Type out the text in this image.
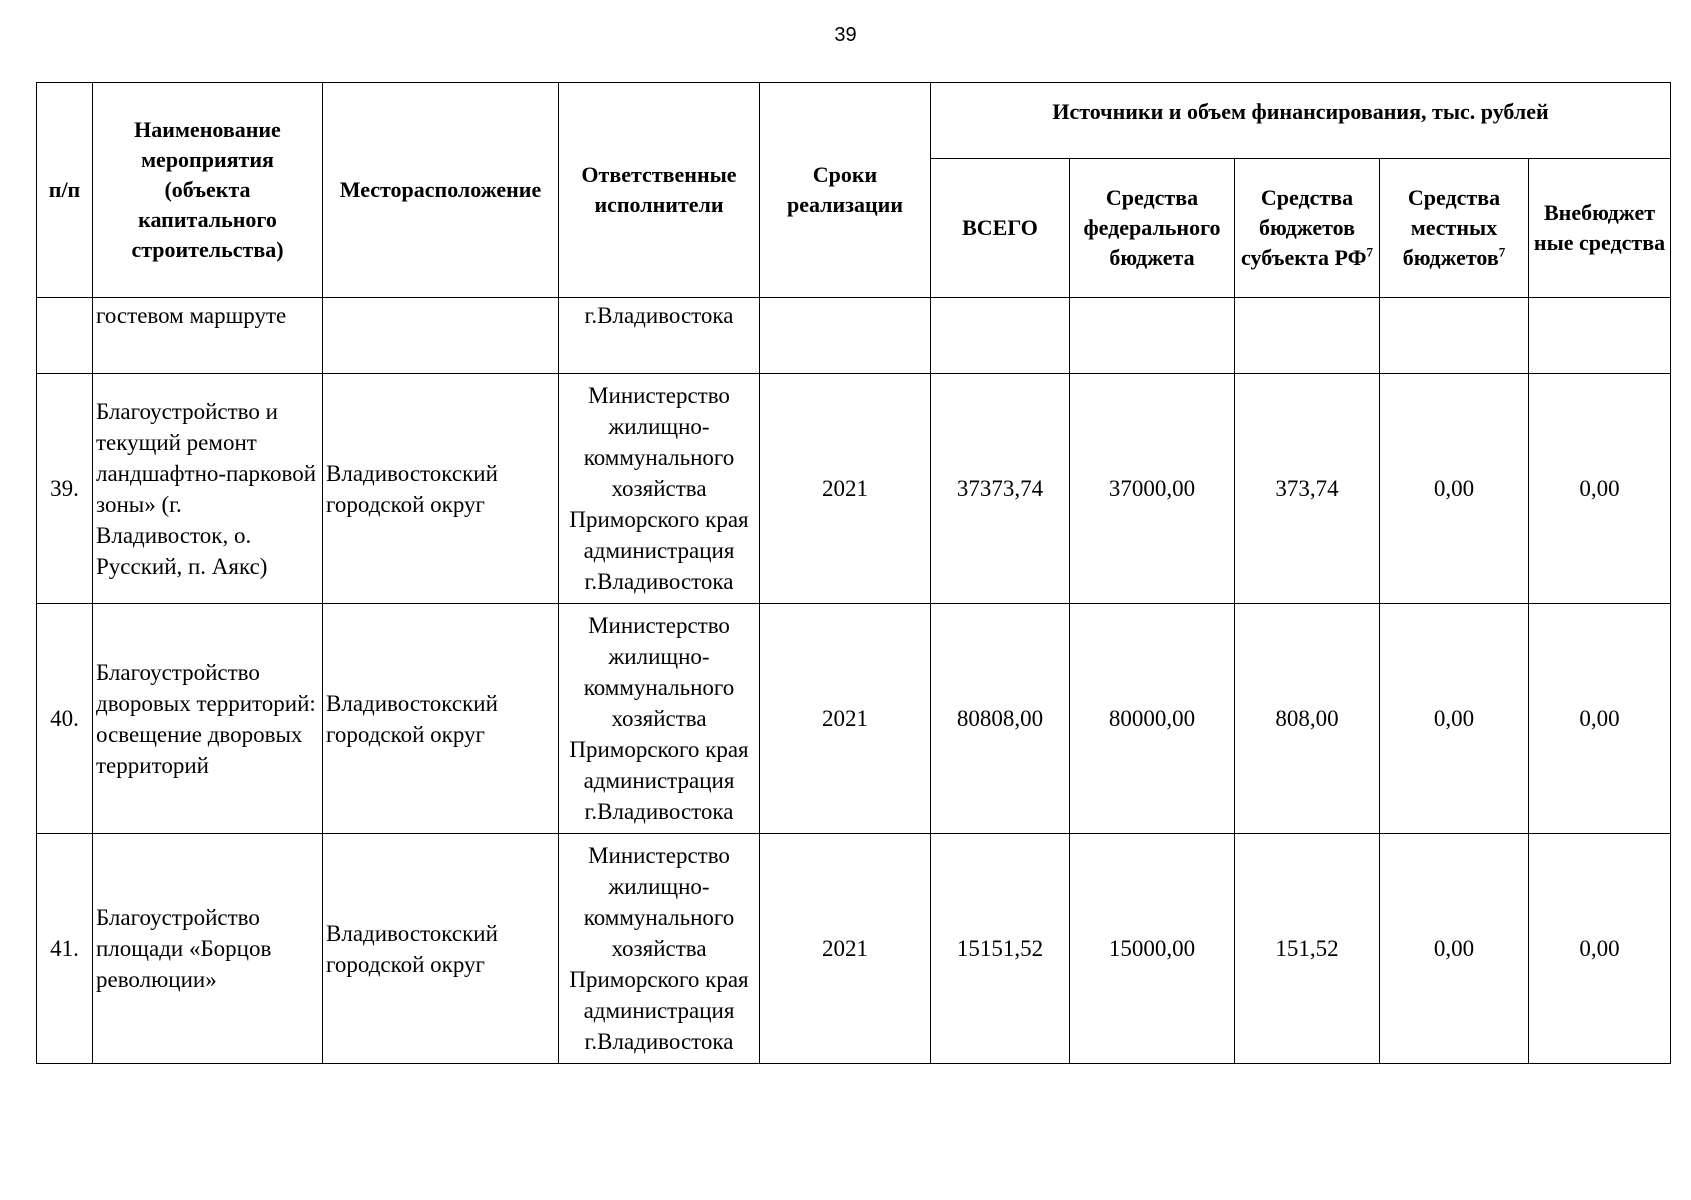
39
п/п	Наименование мероприятия (объекта капитального строительства)	Месторасположение	Ответственные исполнители	Сроки реализации	Источники и объем финансирования, тыс. рублей				
					ВСЕГО	Средства федерального бюджета	Средства бюджетов субъекта $РФ^7$	Средства местных бюджетов$^7$	Внебюджет ные средства
	гостевом маршруте		г.Владивостока						
39.	Благоустройство и текущий ремонт ландшафтно-парковой зоны» (г. Владивосток, о. Русский, п. Аякс)	Владивостокский городской округ	Министерство жилищно-коммунального хозяйства Приморского края администрация г.Владивостока	2021	37373,74	37000,00	373,74	0,00	0,00
40.	Благоустройство дворовых территорий: освещение дворовых территорий	Владивостокский городской округ	Министерство жилищно-коммунального хозяйства Приморского края администрация г.Владивостока	2021	80808,00	80000,00	808,00	0,00	0,00
41.	Благоустройство площади «Борцов революции»	Владивостокский городской округ	Министерство жилищно-коммунального хозяйства Приморского края администрация г.Владивостока	2021	15151,52	15000,00	151,52	0,00	0,00
